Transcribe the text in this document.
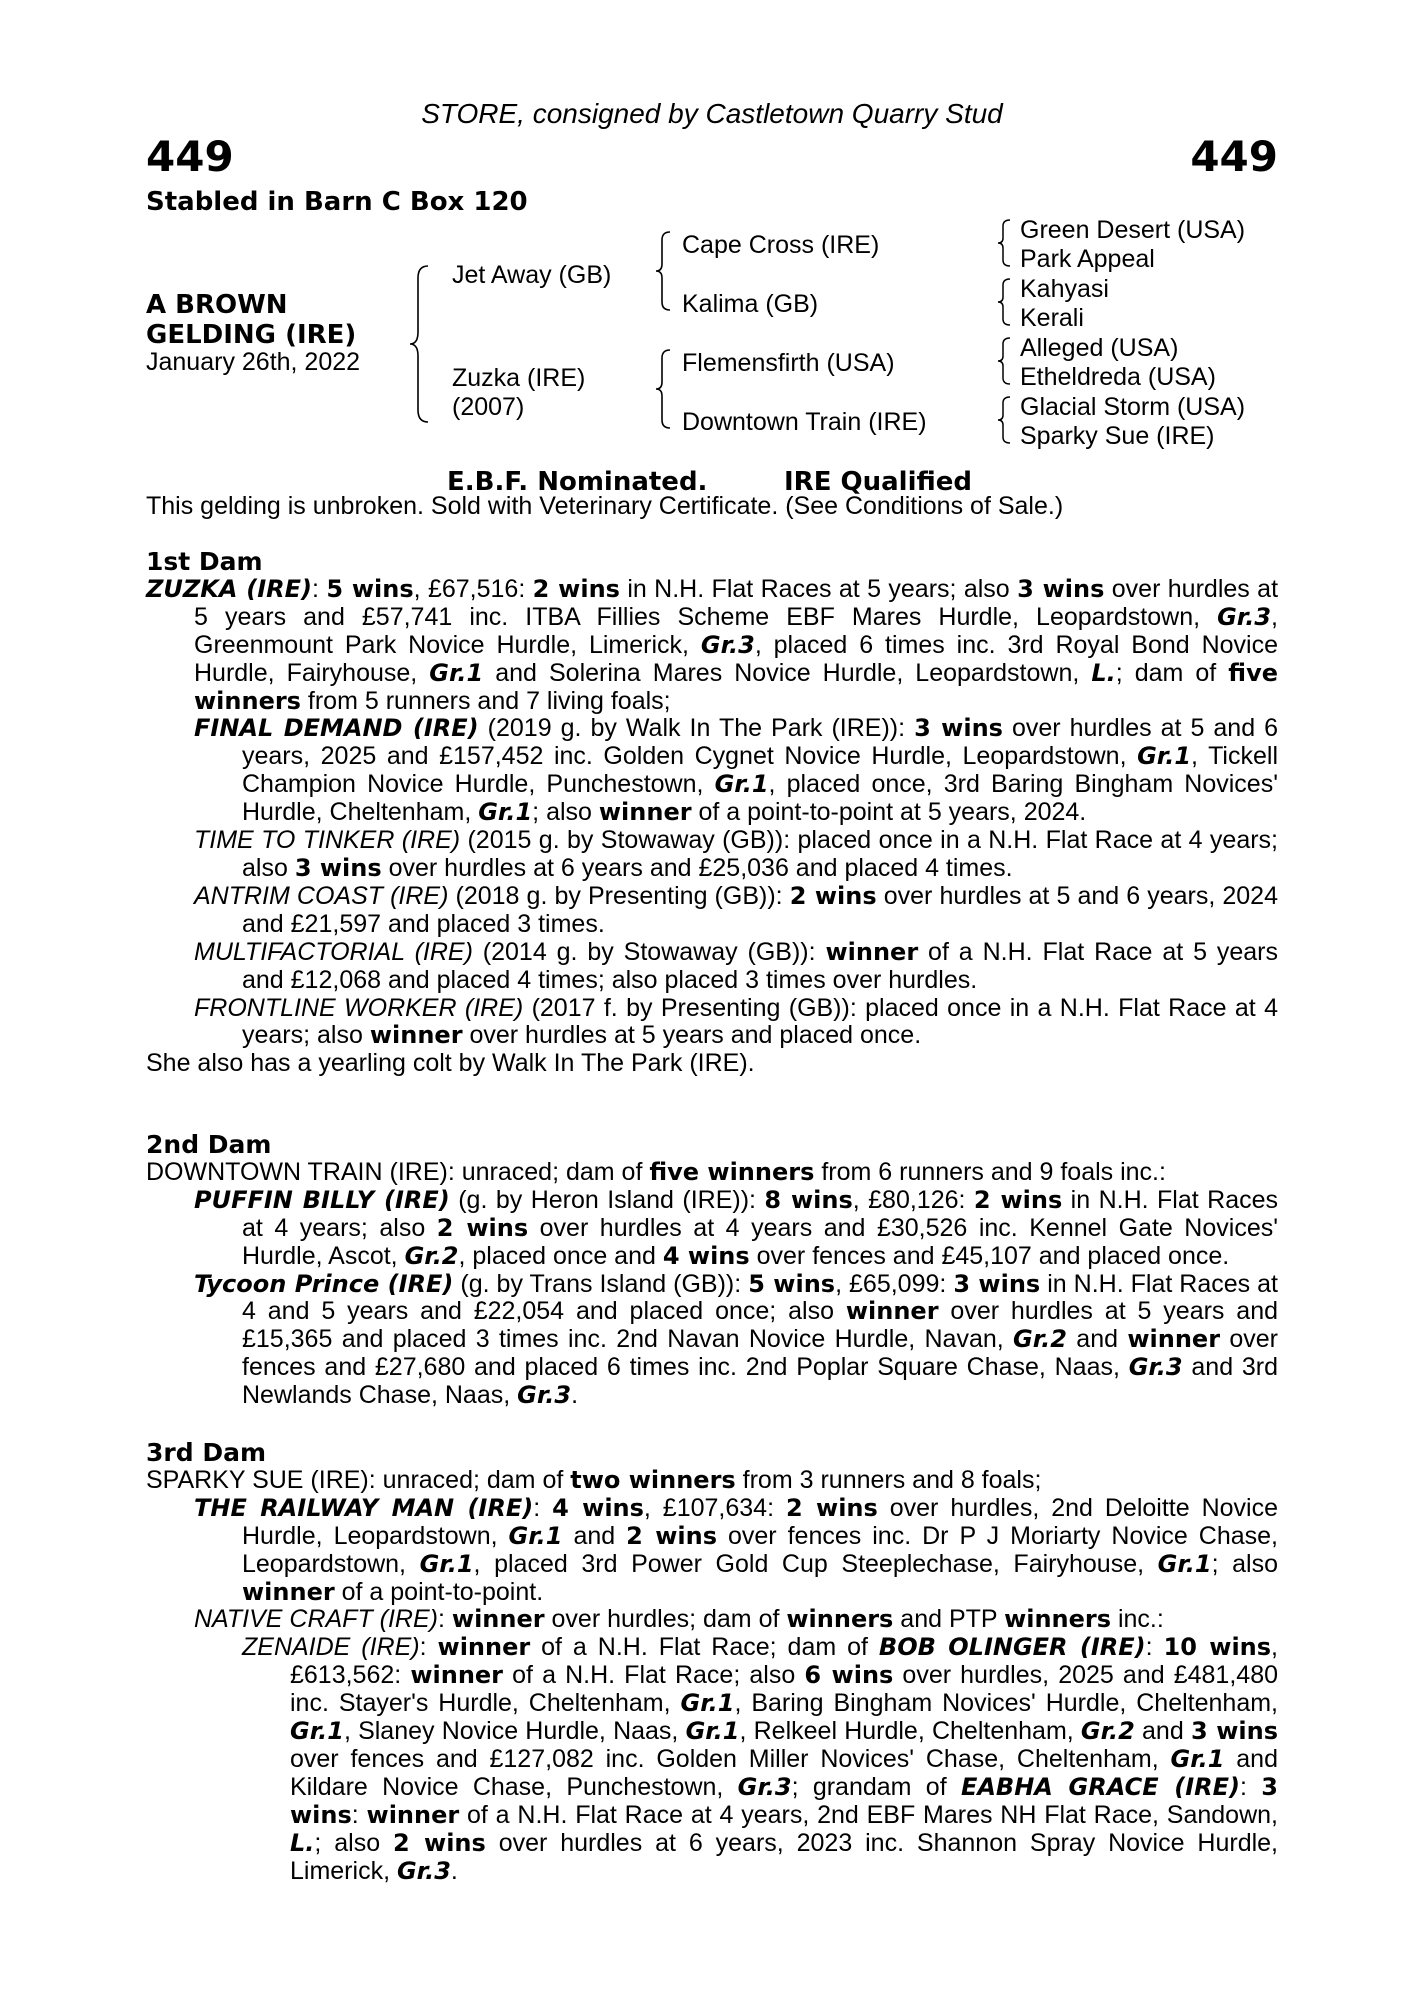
STORE, consigned by Castletown Quarry Stud
449	449
Stabled in Barn C Box 120
A BROWN
GELDING (IRE)
January 26th, 2022
Jet Away (GB)
Zuzka (IRE)
(2007)
Cape Cross (IRE)
Kalima (GB)
Flemensfirth (USA)
Downtown Train (IRE)
Green Desert (USA)
Park Appeal
Kahyasi
Kerali
Alleged (USA)
Etheldreda (USA)
Glacial Storm (USA)
Sparky Sue (IRE)
E.B.F. Nominated.	IRE Qualified
This gelding is unbroken. Sold with Veterinary Certificate. (See Conditions of Sale.)
1st Dam
ZUZKA (IRE): 5 wins, £67,516: 2 wins in N.H. Flat Races at 5 years; also 3 wins over hurdles at 5 years and £57,741 inc. ITBA Fillies Scheme EBF Mares Hurdle, Leopardstown, Gr.3, Greenmount Park Novice Hurdle, Limerick, Gr.3, placed 6 times inc. 3rd Royal Bond Novice Hurdle, Fairyhouse, Gr.1 and Solerina Mares Novice Hurdle, Leopardstown, L.; dam of five winners from 5 runners and 7 living foals;
FINAL DEMAND (IRE) (2019 g. by Walk In The Park (IRE)): 3 wins over hurdles at 5 and 6 years, 2025 and £157,452 inc. Golden Cygnet Novice Hurdle, Leopardstown, Gr.1, Tickell Champion Novice Hurdle, Punchestown, Gr.1, placed once, 3rd Baring Bingham Novices' Hurdle, Cheltenham, Gr.1; also winner of a point-to-point at 5 years, 2024.
TIME TO TINKER (IRE) (2015 g. by Stowaway (GB)): placed once in a N.H. Flat Race at 4 years; also 3 wins over hurdles at 6 years and £25,036 and placed 4 times.
ANTRIM COAST (IRE) (2018 g. by Presenting (GB)): 2 wins over hurdles at 5 and 6 years, 2024 and £21,597 and placed 3 times.
MULTIFACTORIAL (IRE) (2014 g. by Stowaway (GB)): winner of a N.H. Flat Race at 5 years and £12,068 and placed 4 times; also placed 3 times over hurdles.
FRONTLINE WORKER (IRE) (2017 f. by Presenting (GB)): placed once in a N.H. Flat Race at 4 years; also winner over hurdles at 5 years and placed once.
She also has a yearling colt by Walk In The Park (IRE).
2nd Dam
DOWNTOWN TRAIN (IRE): unraced; dam of five winners from 6 runners and 9 foals inc.:
PUFFIN BILLY (IRE) (g. by Heron Island (IRE)): 8 wins, £80,126: 2 wins in N.H. Flat Races at 4 years; also 2 wins over hurdles at 4 years and £30,526 inc. Kennel Gate Novices' Hurdle, Ascot, Gr.2, placed once and 4 wins over fences and £45,107 and placed once.
Tycoon Prince (IRE) (g. by Trans Island (GB)): 5 wins, £65,099: 3 wins in N.H. Flat Races at 4 and 5 years and £22,054 and placed once; also winner over hurdles at 5 years and £15,365 and placed 3 times inc. 2nd Navan Novice Hurdle, Navan, Gr.2 and winner over fences and £27,680 and placed 6 times inc. 2nd Poplar Square Chase, Naas, Gr.3 and 3rd Newlands Chase, Naas, Gr.3.
3rd Dam
SPARKY SUE (IRE): unraced; dam of two winners from 3 runners and 8 foals;
THE RAILWAY MAN (IRE): 4 wins, £107,634: 2 wins over hurdles, 2nd Deloitte Novice Hurdle, Leopardstown, Gr.1 and 2 wins over fences inc. Dr P J Moriarty Novice Chase, Leopardstown, Gr.1, placed 3rd Power Gold Cup Steeplechase, Fairyhouse, Gr.1; also winner of a point-to-point.
NATIVE CRAFT (IRE): winner over hurdles; dam of winners and PTP winners inc.:
ZENAIDE (IRE): winner of a N.H. Flat Race; dam of BOB OLINGER (IRE): 10 wins, £613,562: winner of a N.H. Flat Race; also 6 wins over hurdles, 2025 and £481,480 inc. Stayer's Hurdle, Cheltenham, Gr.1, Baring Bingham Novices' Hurdle, Cheltenham, Gr.1, Slaney Novice Hurdle, Naas, Gr.1, Relkeel Hurdle, Cheltenham, Gr.2 and 3 wins over fences and £127,082 inc. Golden Miller Novices' Chase, Cheltenham, Gr.1 and Kildare Novice Chase, Punchestown, Gr.3; grandam of EABHA GRACE (IRE): 3 wins: winner of a N.H. Flat Race at 4 years, 2nd EBF Mares NH Flat Race, Sandown, L.; also 2 wins over hurdles at 6 years, 2023 inc. Shannon Spray Novice Hurdle, Limerick, Gr.3.
